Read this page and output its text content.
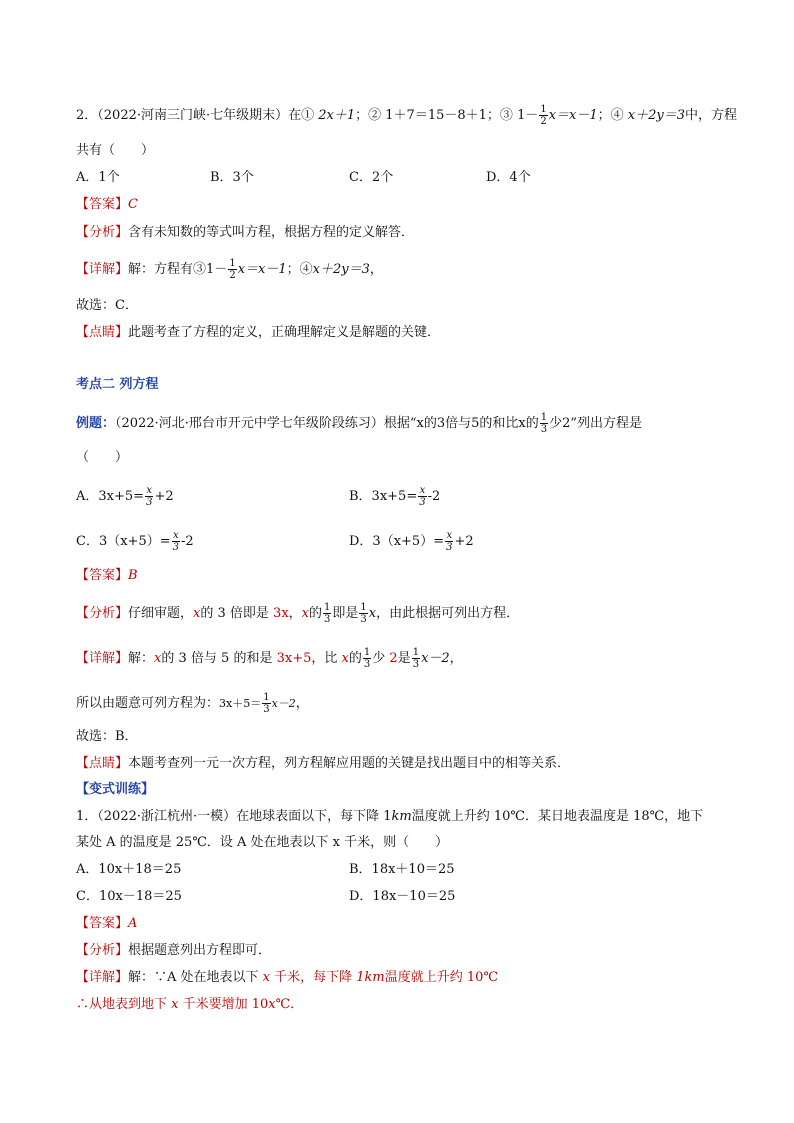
2．（2022·河南三门峡·七年级期末）在① 2x＋1；② 1＋7＝15－8＋1；③ $1- \frac{1}{2} x=x-1$；④ x＋2y＝3中，方程
共有（　　）
A．1个	B．3个	C．2个	D．4个
【答案】C
【分析】含有未知数的等式叫方程，根据方程的定义解答．
【详解】解：方程有③1－ $\frac{1}{2} x=x-1$；④x＋2y＝3，
故选：C．
【点睛】此题考查了方程的定义，正确理解定义是解题的关键．
考点二 列方程
例题：（2022·河北·邢台市开元中学七年级阶段练习）根据“x的3倍与5的和比x的 $\frac{1}{3}$ 少2”列出方程是
（　　）
A．$3x+5= \frac{x}{3} +2$	B．$3x+5= \frac{x}{3} -2$
C．$3(x+5)= \frac{x}{3} -2$	D．$3(x+5)= \frac{x}{3} +2$
【答案】B
【分析】仔细审题，x的 3 倍即是 3x，x的 $\frac{1}{3}$ 即是 $\frac{1}{3}$ x，由此根据可列出方程．
【详解】解：x的 3 倍与 5 的和是 3x+5，比 x的 $\frac{1}{3}$ 少 2是 $\frac{1}{3} x-2$，
所以由题意可列方程为：$3x+5= \frac{1}{3} x-2$，
故选：B．
【点睛】本题考查列一元一次方程，列方程解应用题的关键是找出题目中的相等关系．
【变式训练】
1．（2022·浙江杭州·一模）在地球表面以下，每下降 1km温度就上升约 10℃．某日地表温度是 18℃，地下
某处 A 的温度是 25℃．设 A 处在地表以下 x 千米，则（　　）
A．10x＋18＝25	B．18x＋10＝25
C．10x－18＝25	D．18x－10＝25
【答案】A
【分析】根据题意列出方程即可．
【详解】解：∵A 处在地表以下 x 千米，每下降 1km温度就上升约 10℃
∴从地表到地下 x 千米要增加 10x℃．
